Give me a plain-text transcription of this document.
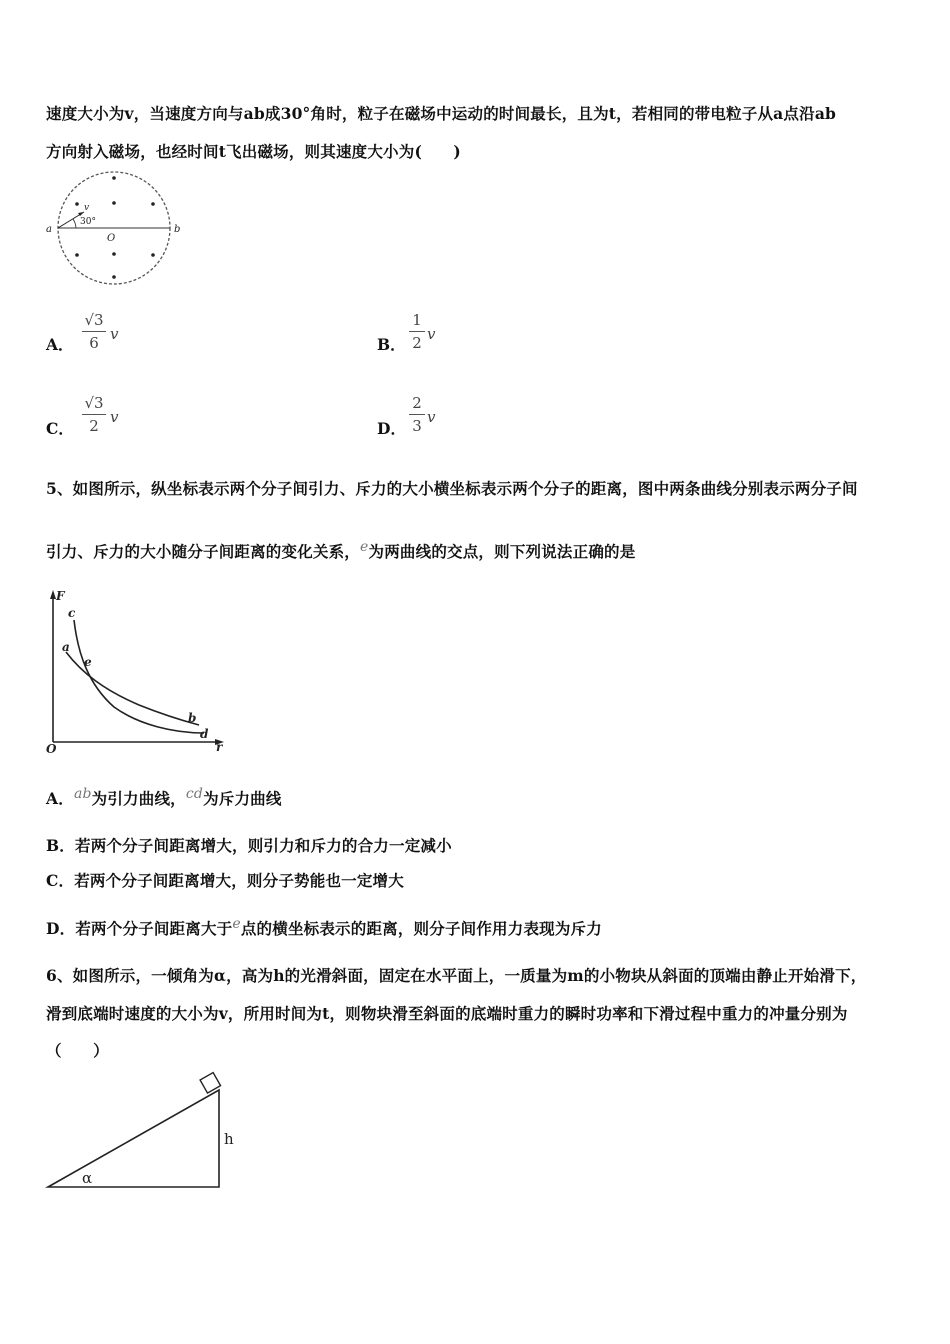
速度大小为v，当速度方向与ab成30°角时，粒子在磁场中运动的时间最长，且为t，若相同的带电粒子从a点沿ab
方向射入磁场，也经时间t飞出磁场，则其速度大小为(　　)
a	b
O
v
30°
A．
√3
6 v
B．
1
2 v
C．
√3
2 v
D．
2
3 v
5、如图所示，纵坐标表示两个分子间引力、斥力的大小横坐标表示两个分子的距离，图中两条曲线分别表示两分子间
引力、斥力的大小随分子间距离的变化关系，$^e$为两曲线的交点，则下列说法正确的是
F
r
O
c
a
e
b
d
A．$^{ab}$为引力曲线，$^{cd}$为斥力曲线
B．若两个分子间距离增大，则引力和斥力的合力一定减小
C．若两个分子间距离增大，则分子势能也一定增大
D．若两个分子间距离大于$^e$点的横坐标表示的距离，则分子间作用力表现为斥力
6、如图所示，一倾角为α，高为h的光滑斜面，固定在水平面上，一质量为m的小物块从斜面的顶端由静止开始滑下，
滑到底端时速度的大小为v，所用时间为t，则物块滑至斜面的底端时重力的瞬时功率和下滑过程中重力的冲量分别为
（　　）
h
α
